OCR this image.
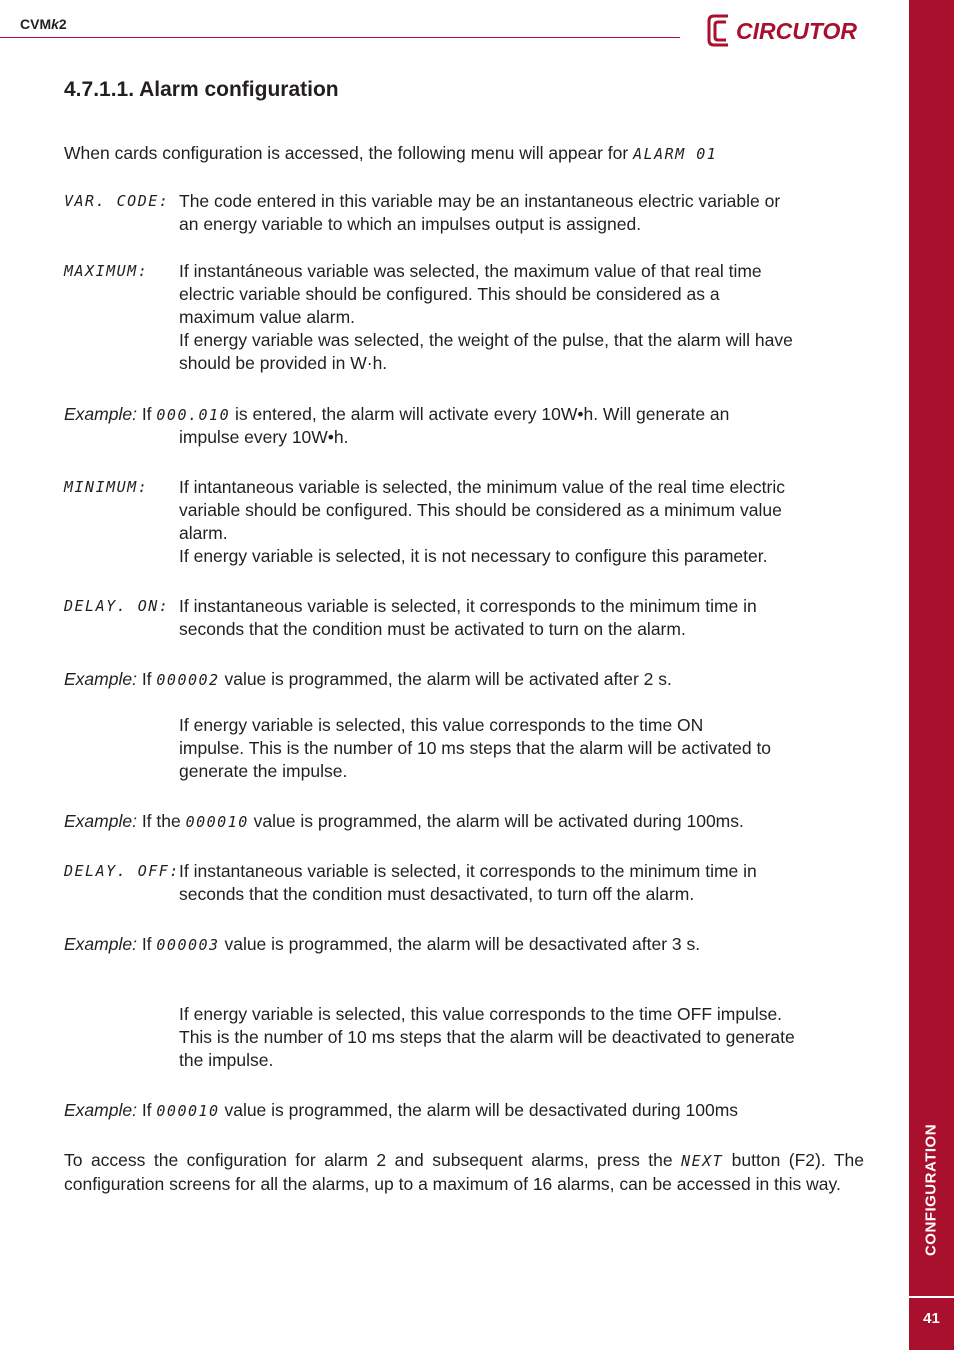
CVMk2	CIRCUTOR
CONFIGURATION
41
4.7.1.1. Alarm configuration
When cards configuration is accessed, the following menu will appear for ALARM 01
VAR. CODE: The code entered in this variable may be an instantaneous electric variable or
an energy variable to which an impulses output is assigned.
MAXIMUM: If instantáneous variable was selected, the maximum value of that real time
electric variable should be configured. This should be considered as a
maximum value alarm.
If energy variable was selected, the weight of the pulse, that the alarm will have
should be provided in W·h.
Example: If 000.010 is entered, the alarm will activate every 10W•h. Will generate an
impulse every 10W•h.
MINIMUM: If intantaneous variable is selected, the minimum value of the real time electric
variable should be configured. This should be considered as a minimum value
alarm.
If energy variable is selected, it is not necessary to configure this parameter.
DELAY. ON: If instantaneous variable is selected, it corresponds to the minimum time in
seconds that the condition must be activated to turn on the alarm.
Example: If 000002 value is programmed, the alarm will be activated after 2 s.
If energy variable is selected, this value corresponds to the time ON
impulse. This is the number of 10 ms steps that the alarm will be activated to
generate the impulse.
Example: If the 000010 value is programmed, the alarm will be activated during 100ms.
DELAY. OFF: If instantaneous variable is selected, it corresponds to the minimum time in
seconds that the condition must desactivated, to turn off the alarm.
Example: If 000003 value is programmed, the alarm will be desactivated after 3 s.
If energy variable is selected, this value corresponds to the time OFF impulse.
This is the number of 10 ms steps that the alarm will be deactivated to generate
the impulse.
Example: If 000010 value is programmed, the alarm will be desactivated during 100ms
To access the configuration for alarm 2 and subsequent alarms, press the NEXT button (F2). The configuration screens for all the alarms, up to a maximum of 16 alarms, can be accessed in this way.
